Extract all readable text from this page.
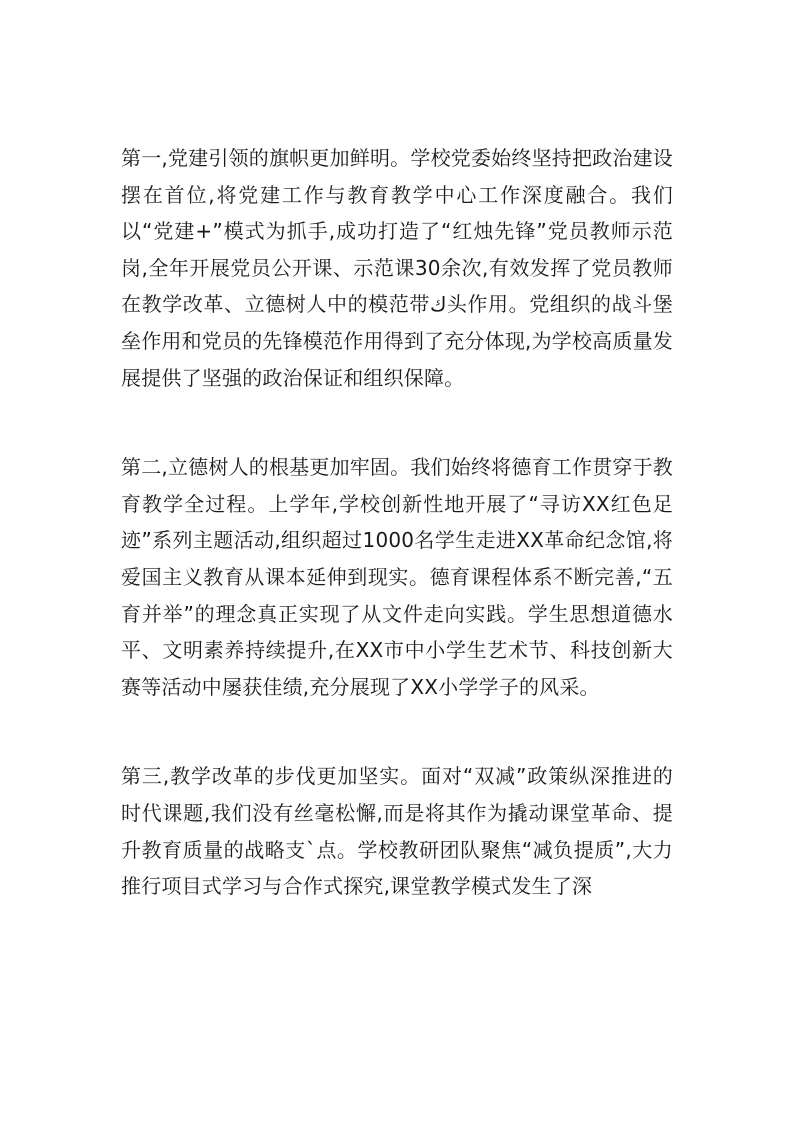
第一,党建引领的旗帜更加鲜明。学校党委始终坚持把政治建设摆在首位,将党建工作与教育教学中心工作深度融合。我们以“党建+”模式为抓手,成功打造了“红烛先锋”党员教师示范岗,全年开展党员公开课、示范课30余次,有效发挥了党员教师在教学改革、立德树人中的模范带ك头作用。党组织的战斗堡垒作用和党员的先锋模范作用得到了充分体现,为学校高质量发展提供了坚强的政治保证和组织保障。

第二,立德树人的根基更加牢固。我们始终将德育工作贯穿于教育教学全过程。上学年,学校创新性地开展了“寻访XX红色足迹”系列主题活动,组织超过1000名学生走进XX革命纪念馆,将爱国主义教育从课本延伸到现实。德育课程体系不断完善,“五育并举”的理念真正实现了从文件走向实践。学生思想道德水平、文明素养持续提升,在XX市中小学生艺术节、科技创新大赛等活动中屡获佳绩,充分展现了XX小学学子的风采。

第三,教学改革的步伐更加坚实。面对“双减”政策纵深推进的时代课题,我们没有丝毫松懈,而是将其作为撬动课堂革命、提升教育质量的战略支`点。学校教研团队聚焦“减负提质”,大力推行项目式学习与合作式探究,课堂教学模式发生了深
